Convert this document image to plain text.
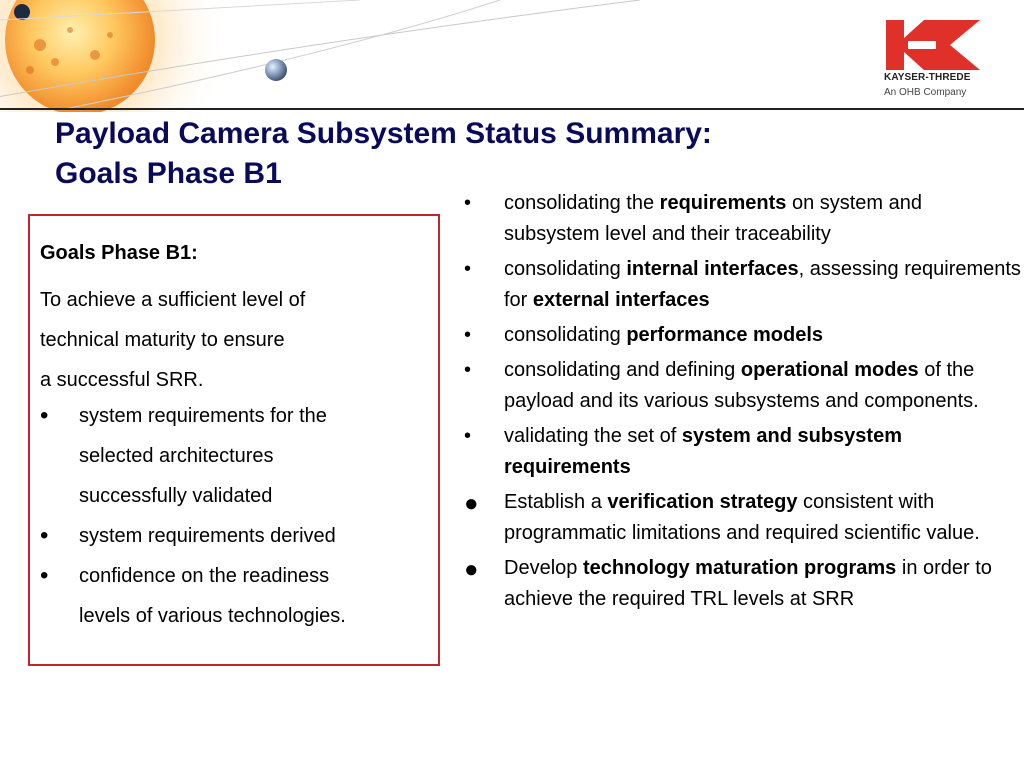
KAYSER-THREDE
An OHB Company
Payload Camera Subsystem Status Summary:
Goals Phase B1
Goals Phase B1:
To achieve a sufficient level of
technical maturity to ensure
a successful SRR.
• system requirements for the
selected architectures
successfully validated
• system requirements derived
• confidence on the readiness
levels of various technologies.
• consolidating the requirements on system and subsystem level and their traceability
• consolidating internal interfaces, assessing requirements for external interfaces
• consolidating performance models
• consolidating and defining operational modes of the payload and its various subsystems and components.
• validating the set of system and subsystem requirements
● Establish a verification strategy consistent with programmatic limitations and required scientific value.
● Develop technology maturation programs in order to achieve the required TRL levels at SRR
